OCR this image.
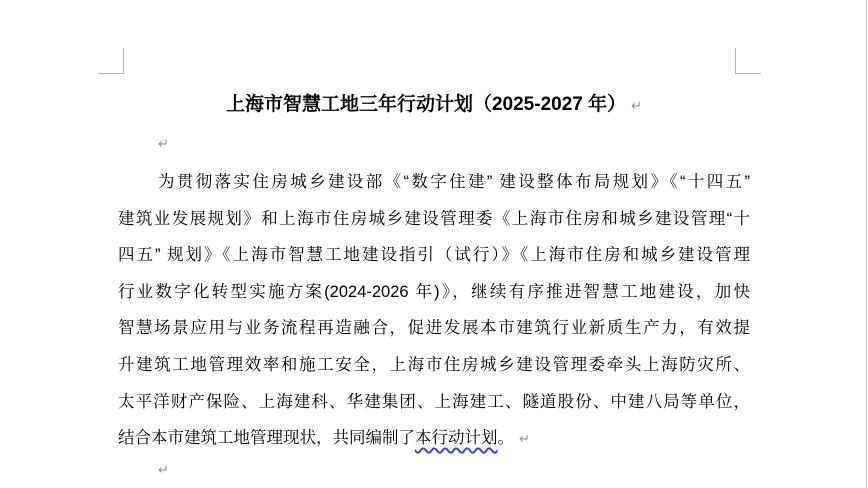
上海市智慧工地三年行动计划（2025-2027 年） ↵
↵
为贯彻落实住房城乡建设部《“数字住建” 建设整体布局规划》《“十四五”
建筑业发展规划》和上海市住房城乡建设管理委《上海市住房和城乡建设管理“十
四五” 规划》《上海市智慧工地建设指引（试行）》《上海市住房和城乡建设管理
行业数字化转型实施方案(2024-2026 年)》，继续有序推进智慧工地建设，加快
智慧场景应用与业务流程再造融合，促进发展本市建筑行业新质生产力，有效提
升建筑工地管理效率和施工安全，上海市住房城乡建设管理委牵头上海防灾所、
太平洋财产保险、上海建科、华建集团、上海建工、隧道股份、中建八局等单位，
结合本市建筑工地管理现状，共同编制了本行动计划。 ↵
↵
